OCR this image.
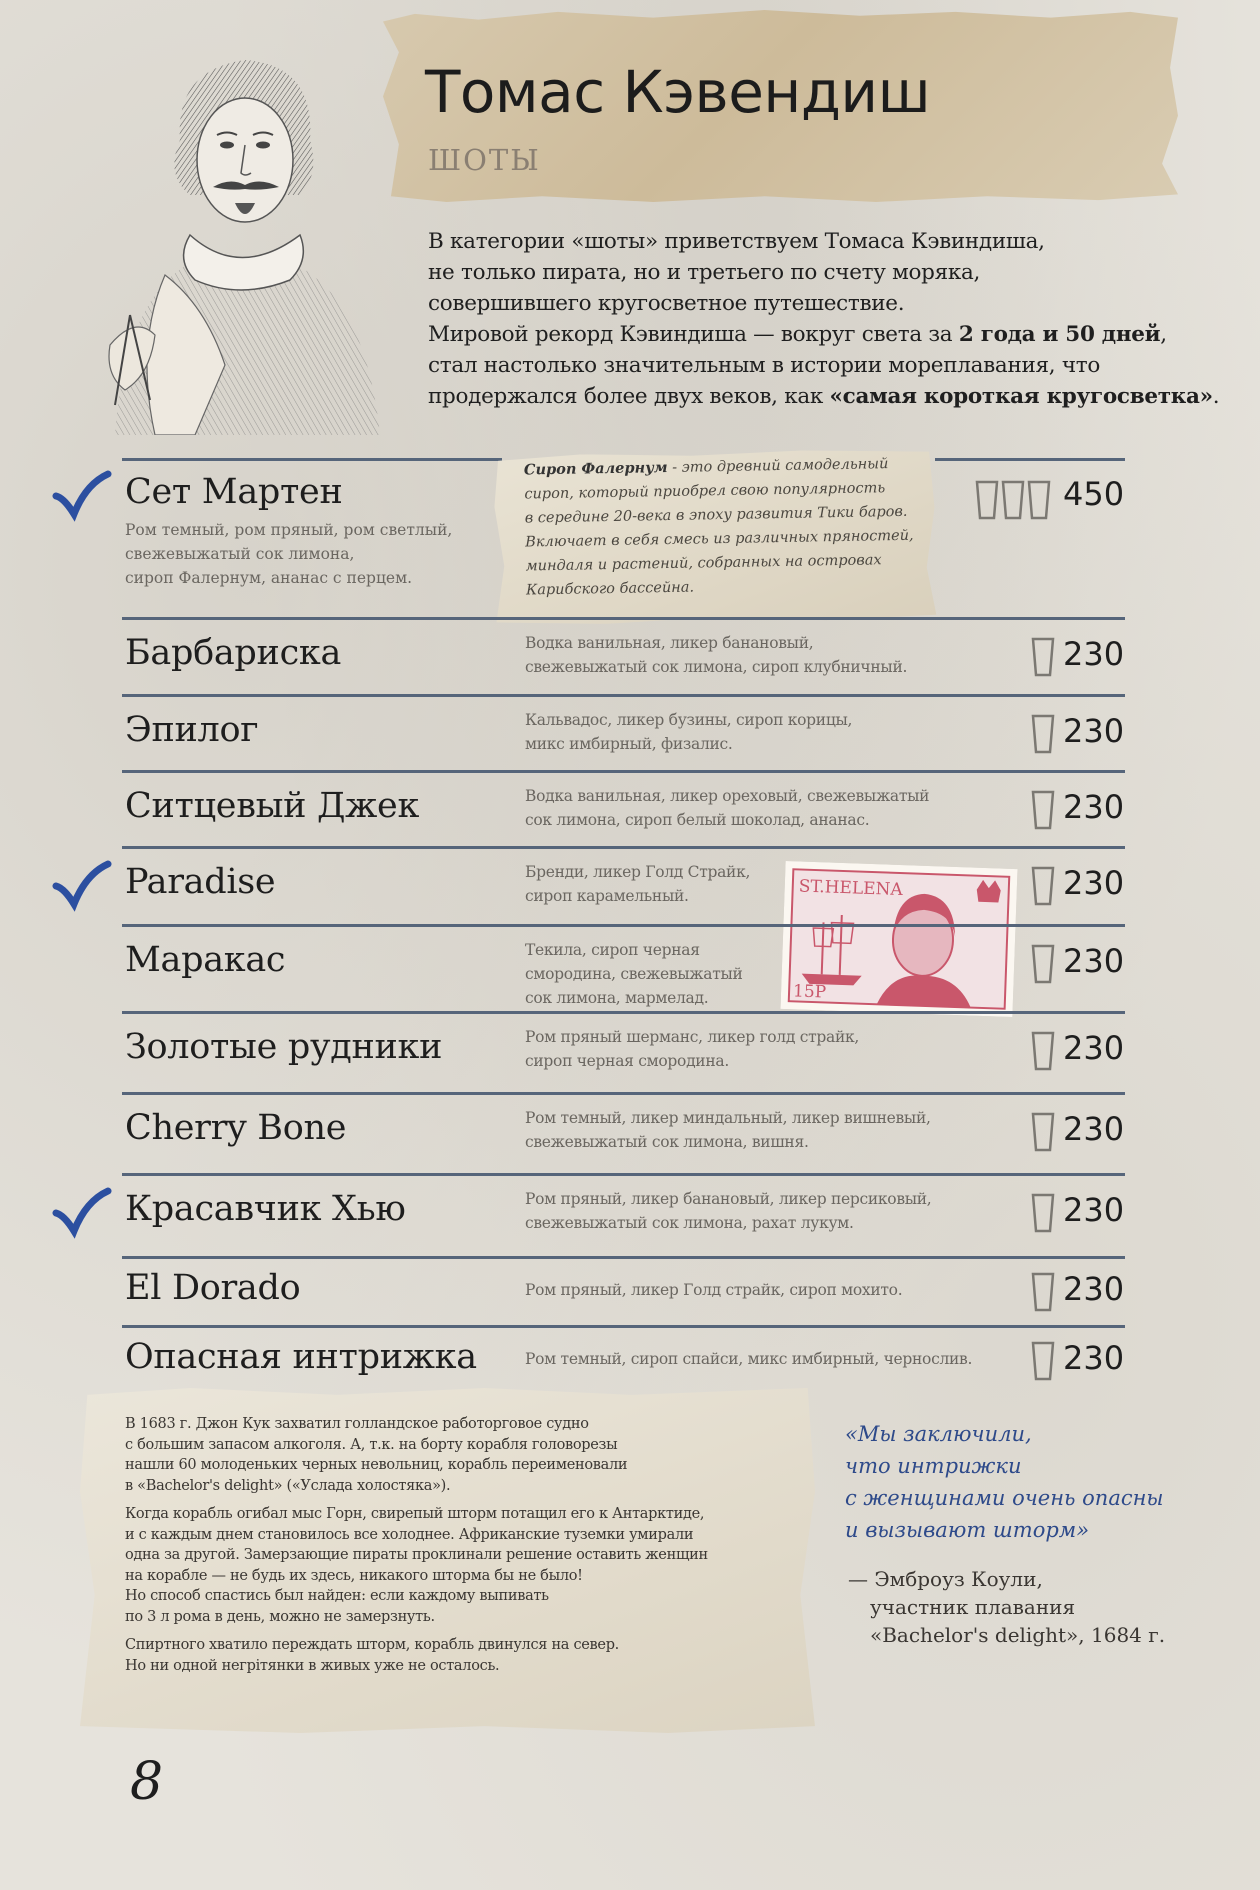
Томас Кэвендиш
ШОТЫ
В категории «шоты» приветствуем Томаса Кэвиндиша,
не только пирата, но и третьего по счету моряка,
совершившего кругосветное путешествие.
Мировой рекорд Кэвиндиша — вокруг света за 2 года и 50 дней,
стал настолько значительным в истории мореплавания, что
продержался более двух веков, как «самая короткая кругосветка».
Сироп Фалернум - это древний самодельный
сироп, который приобрел свою популярность
в середине 20-века в эпоху развития Тики баров.
Включает в себя смесь из различных пряностей,
миндаля и растений, собранных на островах
Карибского бассейна.
Сет Мартен
Ром темный, ром пряный, ром светлый,
свежевыжатый сок лимона,
сироп Фалернум, ананас с перцем.
450
ST.HELENA
15P
Барбариска	Водка ванильная, ликер банановый,
свежевыжатый сок лимона, сироп клубничный.	230
Эпилог	Кальвадос, ликер бузины, сироп корицы,
микс имбирный, физалис.	230
Ситцевый Джек	Водка ванильная, ликер ореховый, свежевыжатый
сок лимона, сироп белый шоколад, ананас.	230
Paradise	Бренди, ликер Голд Страйк,
сироп карамельный.	230
Маракас	Текила, сироп черная
смородина, свежевыжатый
сок лимона, мармелад.
230
Золотые рудники	Ром пряный шерманс, ликер голд страйк,
сироп черная смородина.	230
Cherry Bone	Ром темный, ликер миндальный, ликер вишневый,
свежевыжатый сок лимона, вишня.	230
Красавчик Хью	Ром пряный, ликер банановый, ликер персиковый,
свежевыжатый сок лимона, рахат лукум.	230
El Dorado	Ром пряный, ликер Голд страйк, сироп мохито.	230
Опасная интрижка	Ром темный, сироп спайси, микс имбирный, чернослив.	230

В 1683 г. Джон Кук захватил голландское работорговое судно
с большим запасом алкоголя. А, т.к. на борту корабля головорезы
нашли 60 молоденьких черных невольниц, корабль переименовали
в «Bachelor's delight» («Услада холостяка»).

Когда корабль огибал мыс Горн, свирепый шторм потащил его к Антарктиде,
и с каждым днем становилось все холоднее. Африканские туземки умирали
одна за другой. Замерзающие пираты проклинали решение оставить женщин
на корабле — не будь их здесь, никакого шторма бы не было!
Но способ спастись был найден: если каждому выпивать
по 3 л рома в день, можно не замерзнуть.

Спиртного хватило переждать шторм, корабль двинулся на север.
Но ни одной негрітянки в живых уже не осталось.

«Мы заключили,
что интрижки
с женщинами очень опасны
и вызывают шторм»
— Эмброуз Коули,
участник плавания
«Bachelor's delight», 1684 г.
8
